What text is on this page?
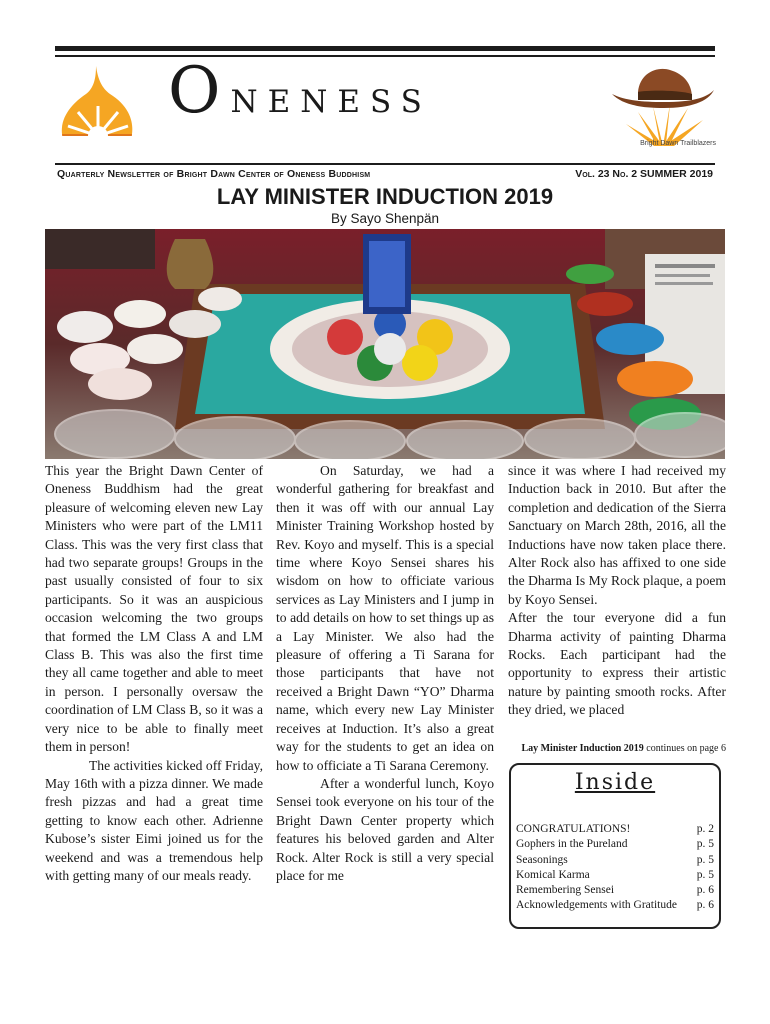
Oneness
Bright Dawn Trailblazers
Quarterly Newsletter of Bright Dawn Center of Oneness Buddhism	Vol. 23 No. 2 SUMMER 2019
LAY MINISTER INDUCTION 2019
By Sayo Shenpän

This year the Bright Dawn Center of Oneness Buddhism had the great pleasure of welcoming eleven new Lay Ministers who were part of the LM11 Class. This was the very first class that had two separate groups! Groups in the past usually consisted of four to six participants. So it was an auspicious occasion welcoming the two groups that formed the LM Class A and LM Class B. This was also the first time they all came together and able to meet in person. I personally oversaw the coordination of LM Class B, so it was a very nice to be able to finally meet them in person!

The activities kicked off Friday, May 16th with a pizza dinner. We made fresh pizzas and had a great time getting to know each other. Adrienne Kubose’s sister Eimi joined us for the weekend and was a tremendous help with getting many of our meals ready.

On Saturday, we had a wonderful gathering for breakfast and then it was off with our annual Lay Minister Training Workshop hosted by Rev. Koyo and myself. This is a special time where Koyo Sensei shares his wisdom on how to officiate various services as Lay Ministers and I jump in to add details on how to set things up as a Lay Minister. We also had the pleasure of offering a Ti Sarana for those participants that have not received a Bright Dawn “YO” Dharma name, which every new Lay Minister receives at Induction. It’s also a great way for the students to get an idea on how to officiate a Ti Sarana Ceremony.

After a wonderful lunch, Koyo Sensei took everyone on his tour of the Bright Dawn Center property which features his beloved garden and Alter Rock. Alter Rock is still a very special place for me

since it was where I had received my Induction back in 2010. But after the completion and dedication of the Sierra Sanctuary on March 28th, 2016, all the Inductions have now taken place there. Alter Rock also has affixed to one side the Dharma Is My Rock plaque, a poem by Koyo Sensei.

After the tour everyone did a fun Dharma activity of painting Dharma Rocks. Each participant had the opportunity to express their artistic nature by painting smooth rocks. After they dried, we placed

Lay Minister Induction 2019 continues on page 6
Inside
CONGRATULATIONS!	p. 2
Gophers in the Pureland	p. 5
Seasonings	p. 5
Komical Karma	p. 5
Remembering Sensei	p. 6
Acknowledgements with Gratitude p. 6
